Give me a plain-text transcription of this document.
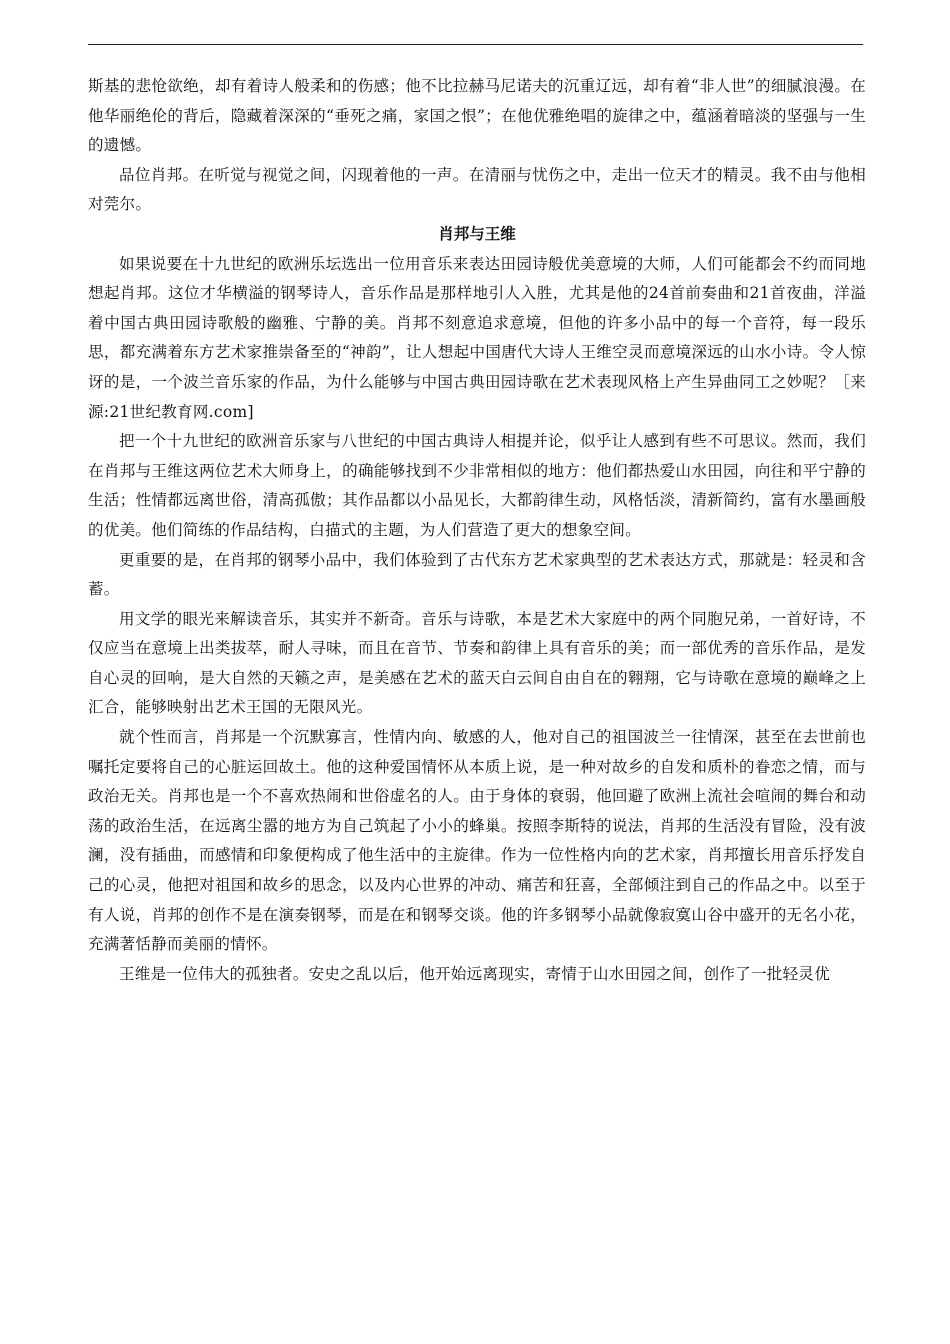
斯基的悲怆欲绝，却有着诗人般柔和的伤感；他不比拉赫马尼诺夫的沉重辽远，却有着“非人世”的细腻浪漫。在他华丽绝伦的背后，隐藏着深深的“垂死之痛，家国之恨”；在他优雅绝唱的旋律之中，蕴涵着暗淡的坚强与一生的遗憾。

品位肖邦。在听觉与视觉之间，闪现着他的一声。在清丽与忧伤之中，走出一位天才的精灵。我不由与他相对莞尔。

肖邦与王维

如果说要在十九世纪的欧洲乐坛选出一位用音乐来表达田园诗般优美意境的大师，人们可能都会不约而同地想起肖邦。这位才华横溢的钢琴诗人，音乐作品是那样地引人入胜，尤其是他的24首前奏曲和21首夜曲，洋溢着中国古典田园诗歌般的幽雅、宁静的美。肖邦不刻意追求意境，但他的许多小品中的每一个音符，每一段乐思，都充满着东方艺术家推崇备至的“神韵”，让人想起中国唐代大诗人王维空灵而意境深远的山水小诗。令人惊讶的是，一个波兰音乐家的作品，为什么能够与中国古典田园诗歌在艺术表现风格上产生异曲同工之妙呢？［来源:21世纪教育网.com]

把一个十九世纪的欧洲音乐家与八世纪的中国古典诗人相提并论，似乎让人感到有些不可思议。然而，我们在肖邦与王维这两位艺术大师身上，的确能够找到不少非常相似的地方：他们都热爱山水田园，向往和平宁静的生活；性情都远离世俗，清高孤傲；其作品都以小品见长，大都韵律生动，风格恬淡，清新简约，富有水墨画般的优美。他们简练的作品结构，白描式的主题，为人们营造了更大的想象空间。

更重要的是，在肖邦的钢琴小品中，我们体验到了古代东方艺术家典型的艺术表达方式，那就是：轻灵和含蓄。

用文学的眼光来解读音乐，其实并不新奇。音乐与诗歌，本是艺术大家庭中的两个同胞兄弟，一首好诗，不仅应当在意境上出类拔萃，耐人寻味，而且在音节、节奏和韵律上具有音乐的美；而一部优秀的音乐作品，是发自心灵的回响，是大自然的天籁之声，是美感在艺术的蓝天白云间自由自在的翱翔，它与诗歌在意境的巅峰之上汇合，能够映射出艺术王国的无限风光。

就个性而言，肖邦是一个沉默寡言，性情内向、敏感的人，他对自己的祖国波兰一往情深，甚至在去世前也嘱托定要将自己的心脏运回故土。他的这种爱国情怀从本质上说，是一种对故乡的自发和质朴的眷恋之情，而与政治无关。肖邦也是一个不喜欢热闹和世俗虚名的人。由于身体的衰弱，他回避了欧洲上流社会喧闹的舞台和动荡的政治生活，在远离尘嚣的地方为自己筑起了小小的蜂巢。按照李斯特的说法，肖邦的生活没有冒险，没有波澜，没有插曲，而感情和印象便构成了他生活中的主旋律。作为一位性格内向的艺术家，肖邦擅长用音乐抒发自己的心灵，他把对祖国和故乡的思念，以及内心世界的冲动、痛苦和狂喜，全部倾注到自己的作品之中。以至于有人说，肖邦的创作不是在演奏钢琴，而是在和钢琴交谈。他的许多钢琴小品就像寂寞山谷中盛开的无名小花，充满著恬静而美丽的情怀。

王维是一位伟大的孤独者。安史之乱以后，他开始远离现实，寄情于山水田园之间，创作了一批轻灵优
